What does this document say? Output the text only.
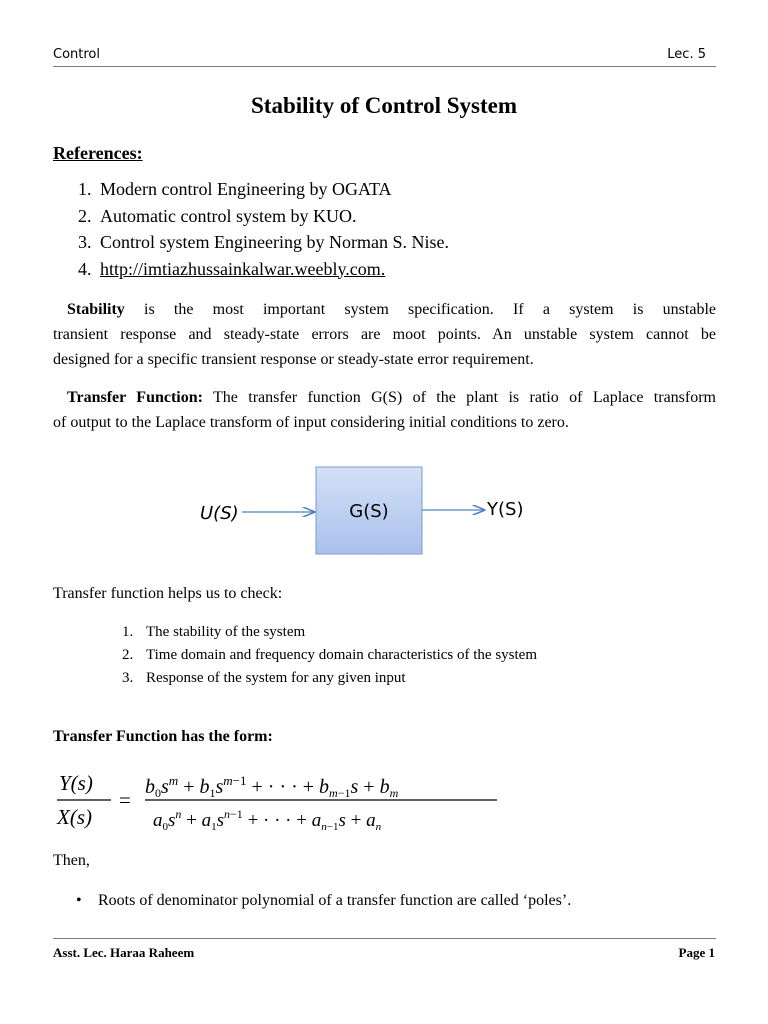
Control	Lec. 5
Stability of Control System
References:
1. Modern control Engineering by OGATA
2. Automatic control system by KUO.
3. Control system Engineering by Norman S. Nise.
4. http://imtiazhussainkalwar.weebly.com.
Stability is the most important system specification. If a system is unstable
transient response and steady-state errors are moot points. An unstable system cannot be
designed for a specific transient response or steady-state error requirement.
Transfer Function: The transfer function G(S) of the plant is ratio of Laplace transform
of output to the Laplace transform of input considering initial conditions to zero.
U(S)	G(S)	Y(S)
Transfer function helps us to check:
1. The stability of the system
2. Time domain and frequency domain characteristics of the system
3. Response of the system for any given input
Transfer Function has the form:
Y(s)
X(s)
=
$b_0s^m + b_1s^m-1$ + · · · + $b_m-1s + b_m$
$a_0s^n + a_1s^n-1$ + · · · + $a_n-1s + a_n$
Then,
•	Roots of denominator polynomial of a transfer function are called ‘poles’.
Asst. Lec. Haraa Raheem	Page 1
